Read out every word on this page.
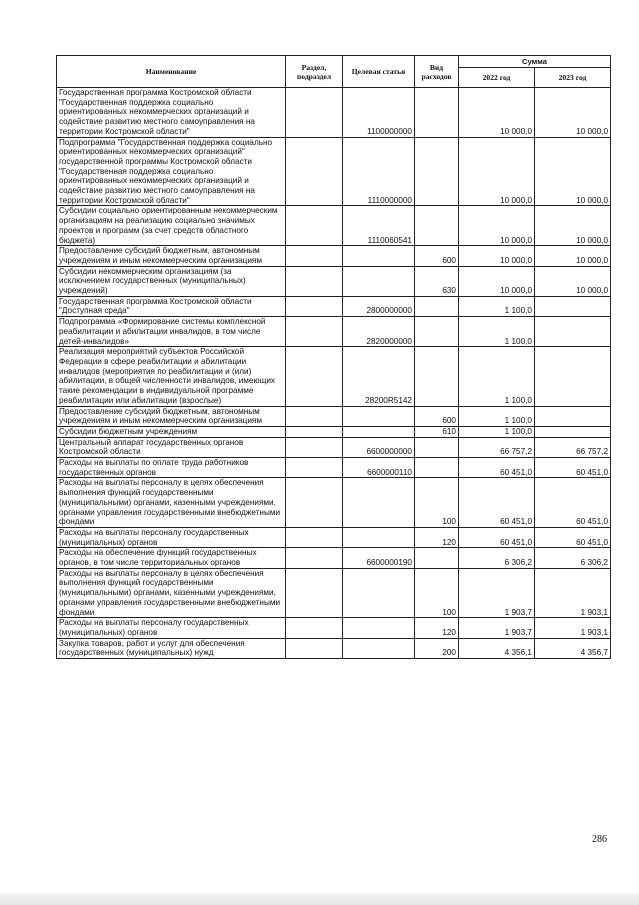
Наименование	Раздел, подраздел	Целевая статья	Вид расходов	Сумма	
				2022 год	2023 год
Государственная программа Костромской области "Государственная поддержка социально ориентированных некоммерческих организаций и содействие развитию местного самоуправления на территории Костромской области"		1100000000		10 000,0	10 000,0
Подпрограмма "Государственная поддержка социально ориентированных некоммерческих организаций" государственной программы Костромской области "Государственная поддержка социально ориентированных некоммерческих организаций и содействие развитию местного самоуправления на территории Костромской области"		1110000000		10 000,0	10 000,0
Субсидии социально ориентированным некоммерческим организациям на реализацию социально значимых проектов и программ (за счет средств областного бюджета)		1110060541		10 000,0	10 000,0
Предоставление субсидий бюджетным, автономным учреждениям и иным некоммерческим организациям			600	10 000,0	10 000,0
Субсидии некоммерческим организациям (за исключением государственных (муниципальных) учреждений)			630	10 000,0	10 000,0
Государственная программа Костромской области "Доступная среда"		2800000000		1 100,0	
Подпрограмма «Формирование системы комплексной реабилитации и абилитации инвалидов, в том числе детей-инвалидов»		2820000000		1 100,0	
Реализация мероприятий субъектов Российской Федерации в сфере реабилитации и абилитации инвалидов (мероприятия по реабилитации и (или) абилитации, в общей численности инвалидов, имеющих такие рекомендации в индивидуальной программе реабилитации или абилитации (взрослые)		28200R5142		1 100,0	
Предоставление субсидий бюджетным, автономным учреждениям и иным некоммерческим организациям			600	1 100,0	
Субсидии бюджетным учреждениям			610	1 100,0	
Центральный аппарат государственных органов Костромской области		6600000000		66 757,2	66 757,2
Расходы на выплаты по оплате труда работников государственных органов		6600000110		60 451,0	60 451,0
Расходы на выплаты персоналу в целях обеспечения выполнения функций государственными (муниципальными) органами, казенными учреждениями, органами управления государственными внебюджетными фондами			100	60 451,0	60 451,0
Расходы на выплаты персоналу государственных (муниципальных) органов			120	60 451,0	60 451,0
Расходы на обеспечение функций государственных органов, в том числе территориальных органов		6600000190		6 306,2	6 306,2
Расходы на выплаты персоналу в целях обеспечения выполнения функций государственными (муниципальными) органами, казенными учреждениями, органами управления государственными внебюджетными фондами			100	1 903,7	1 903,1
Расходы на выплаты персоналу государственных (муниципальных) органов			120	1 903,7	1 903,1
Закупка товаров, работ и услуг для обеспечения государственных (муниципальных) нужд			200	4 356,1	4 356,7
286
